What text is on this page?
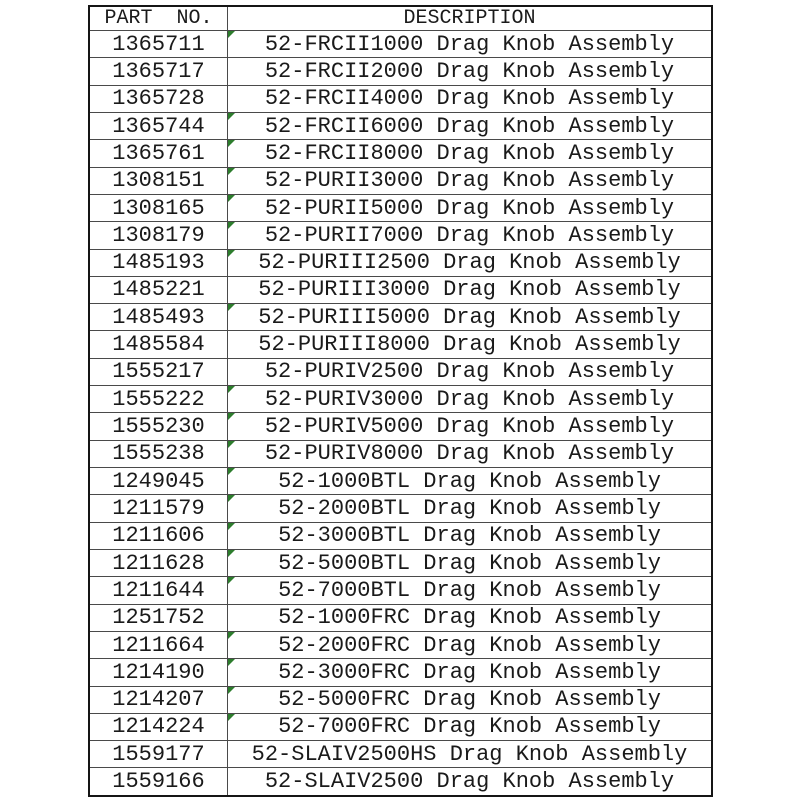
PART  NO.	DESCRIPTION
1365711	52-FRCII1000 Drag Knob Assembly
1365717	52-FRCII2000 Drag Knob Assembly
1365728	52-FRCII4000 Drag Knob Assembly
1365744	52-FRCII6000 Drag Knob Assembly
1365761	52-FRCII8000 Drag Knob Assembly
1308151	52-PURII3000 Drag Knob Assembly
1308165	52-PURII5000 Drag Knob Assembly
1308179	52-PURII7000 Drag Knob Assembly
1485193	52-PURIII2500 Drag Knob Assembly
1485221	52-PURIII3000 Drag Knob Assembly
1485493	52-PURIII5000 Drag Knob Assembly
1485584	52-PURIII8000 Drag Knob Assembly
1555217	52-PURIV2500 Drag Knob Assembly
1555222	52-PURIV3000 Drag Knob Assembly
1555230	52-PURIV5000 Drag Knob Assembly
1555238	52-PURIV8000 Drag Knob Assembly
1249045	52-1000BTL Drag Knob Assembly
1211579	52-2000BTL Drag Knob Assembly
1211606	52-3000BTL Drag Knob Assembly
1211628	52-5000BTL Drag Knob Assembly
1211644	52-7000BTL Drag Knob Assembly
1251752	52-1000FRC Drag Knob Assembly
1211664	52-2000FRC Drag Knob Assembly
1214190	52-3000FRC Drag Knob Assembly
1214207	52-5000FRC Drag Knob Assembly
1214224	52-7000FRC Drag Knob Assembly
1559177	52-SLAIV2500HS Drag Knob Assembly
1559166	52-SLAIV2500 Drag Knob Assembly
